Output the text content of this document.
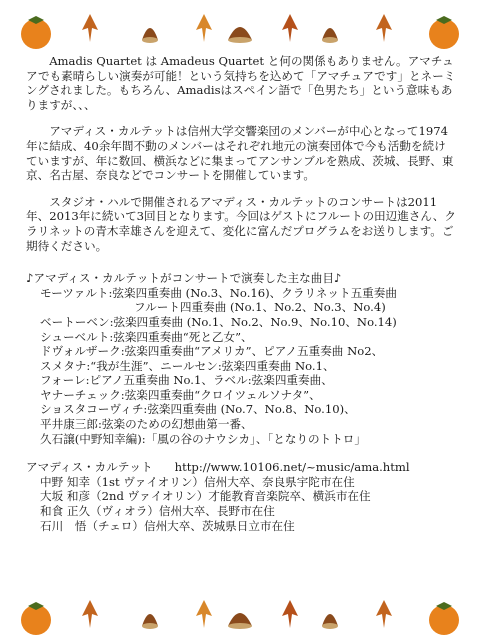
Amadis Quartet は Amadeus Quartet と何の関係もありません。アマチュアでも素晴らしい演奏が可能！という気持ちを込めて「アマチュアです」とネーミングされました。もちろん、Amadisはスペイン語で「色男たち」という意味もありますが、、、

アマディス・カルテットは信州大学交響楽団のメンバーが中心となって1974年に結成、40余年間不動のメンバーはそれぞれ地元の演奏団体で今も活動を続けていますが、年に数回、横浜などに集まってアンサンブルを熟成、茨城、長野、東京、名古屋、奈良などでコンサートを開催しています。

スタジオ・ハルで開催されるアマディス・カルテットのコンサートは2011年、2013年に続いて3回目となります。今回はゲストにフルートの田辺進さん、クラリネットの青木幸雄さんを迎えて、変化に富んだプログラムをお送りします。ご期待ください。

♪アマディス・カルテットがコンサートで演奏した主な曲目♪

モーツァルト:弦楽四重奏曲 (No.3、No.16)、クラリネット五重奏曲
フルート四重奏曲 (No.1、No.2、No.3、No.4)
ベートーベン:弦楽四重奏曲 (No.1、No.2、No.9、No.10、No.14)
シューベルト:弦楽四重奏曲“死と乙女”、
ドヴォルザーク:弦楽四重奏曲“アメリカ”、ピアノ五重奏曲 No2、
スメタナ:“我が生涯”、ニールセン:弦楽四重奏曲 No.1、
フォーレ:ピアノ五重奏曲 No.1、ラベル:弦楽四重奏曲、
ヤナーチェック:弦楽四重奏曲“クロイツェルソナタ”、
ショスタコーヴィチ:弦楽四重奏曲 (No.7、No.8、No.10)、
平井康三郎:弦楽のための幻想曲第一番、
久石譲(中野知幸編):「風の谷のナウシカ」、「となりのトトロ」

アマディス・カルテット http://www.10106.net/~music/ama.html

中野 知幸（1st ヴァイオリン）信州大卒、奈良県宇陀市在住
大坂 和彦（2nd ヴァイオリン）才能教育音楽院卒、横浜市在住
和食 正久（ヴィオラ）信州大卒、長野市在住
石川　悟（チェロ）信州大卒、茨城県日立市在住
